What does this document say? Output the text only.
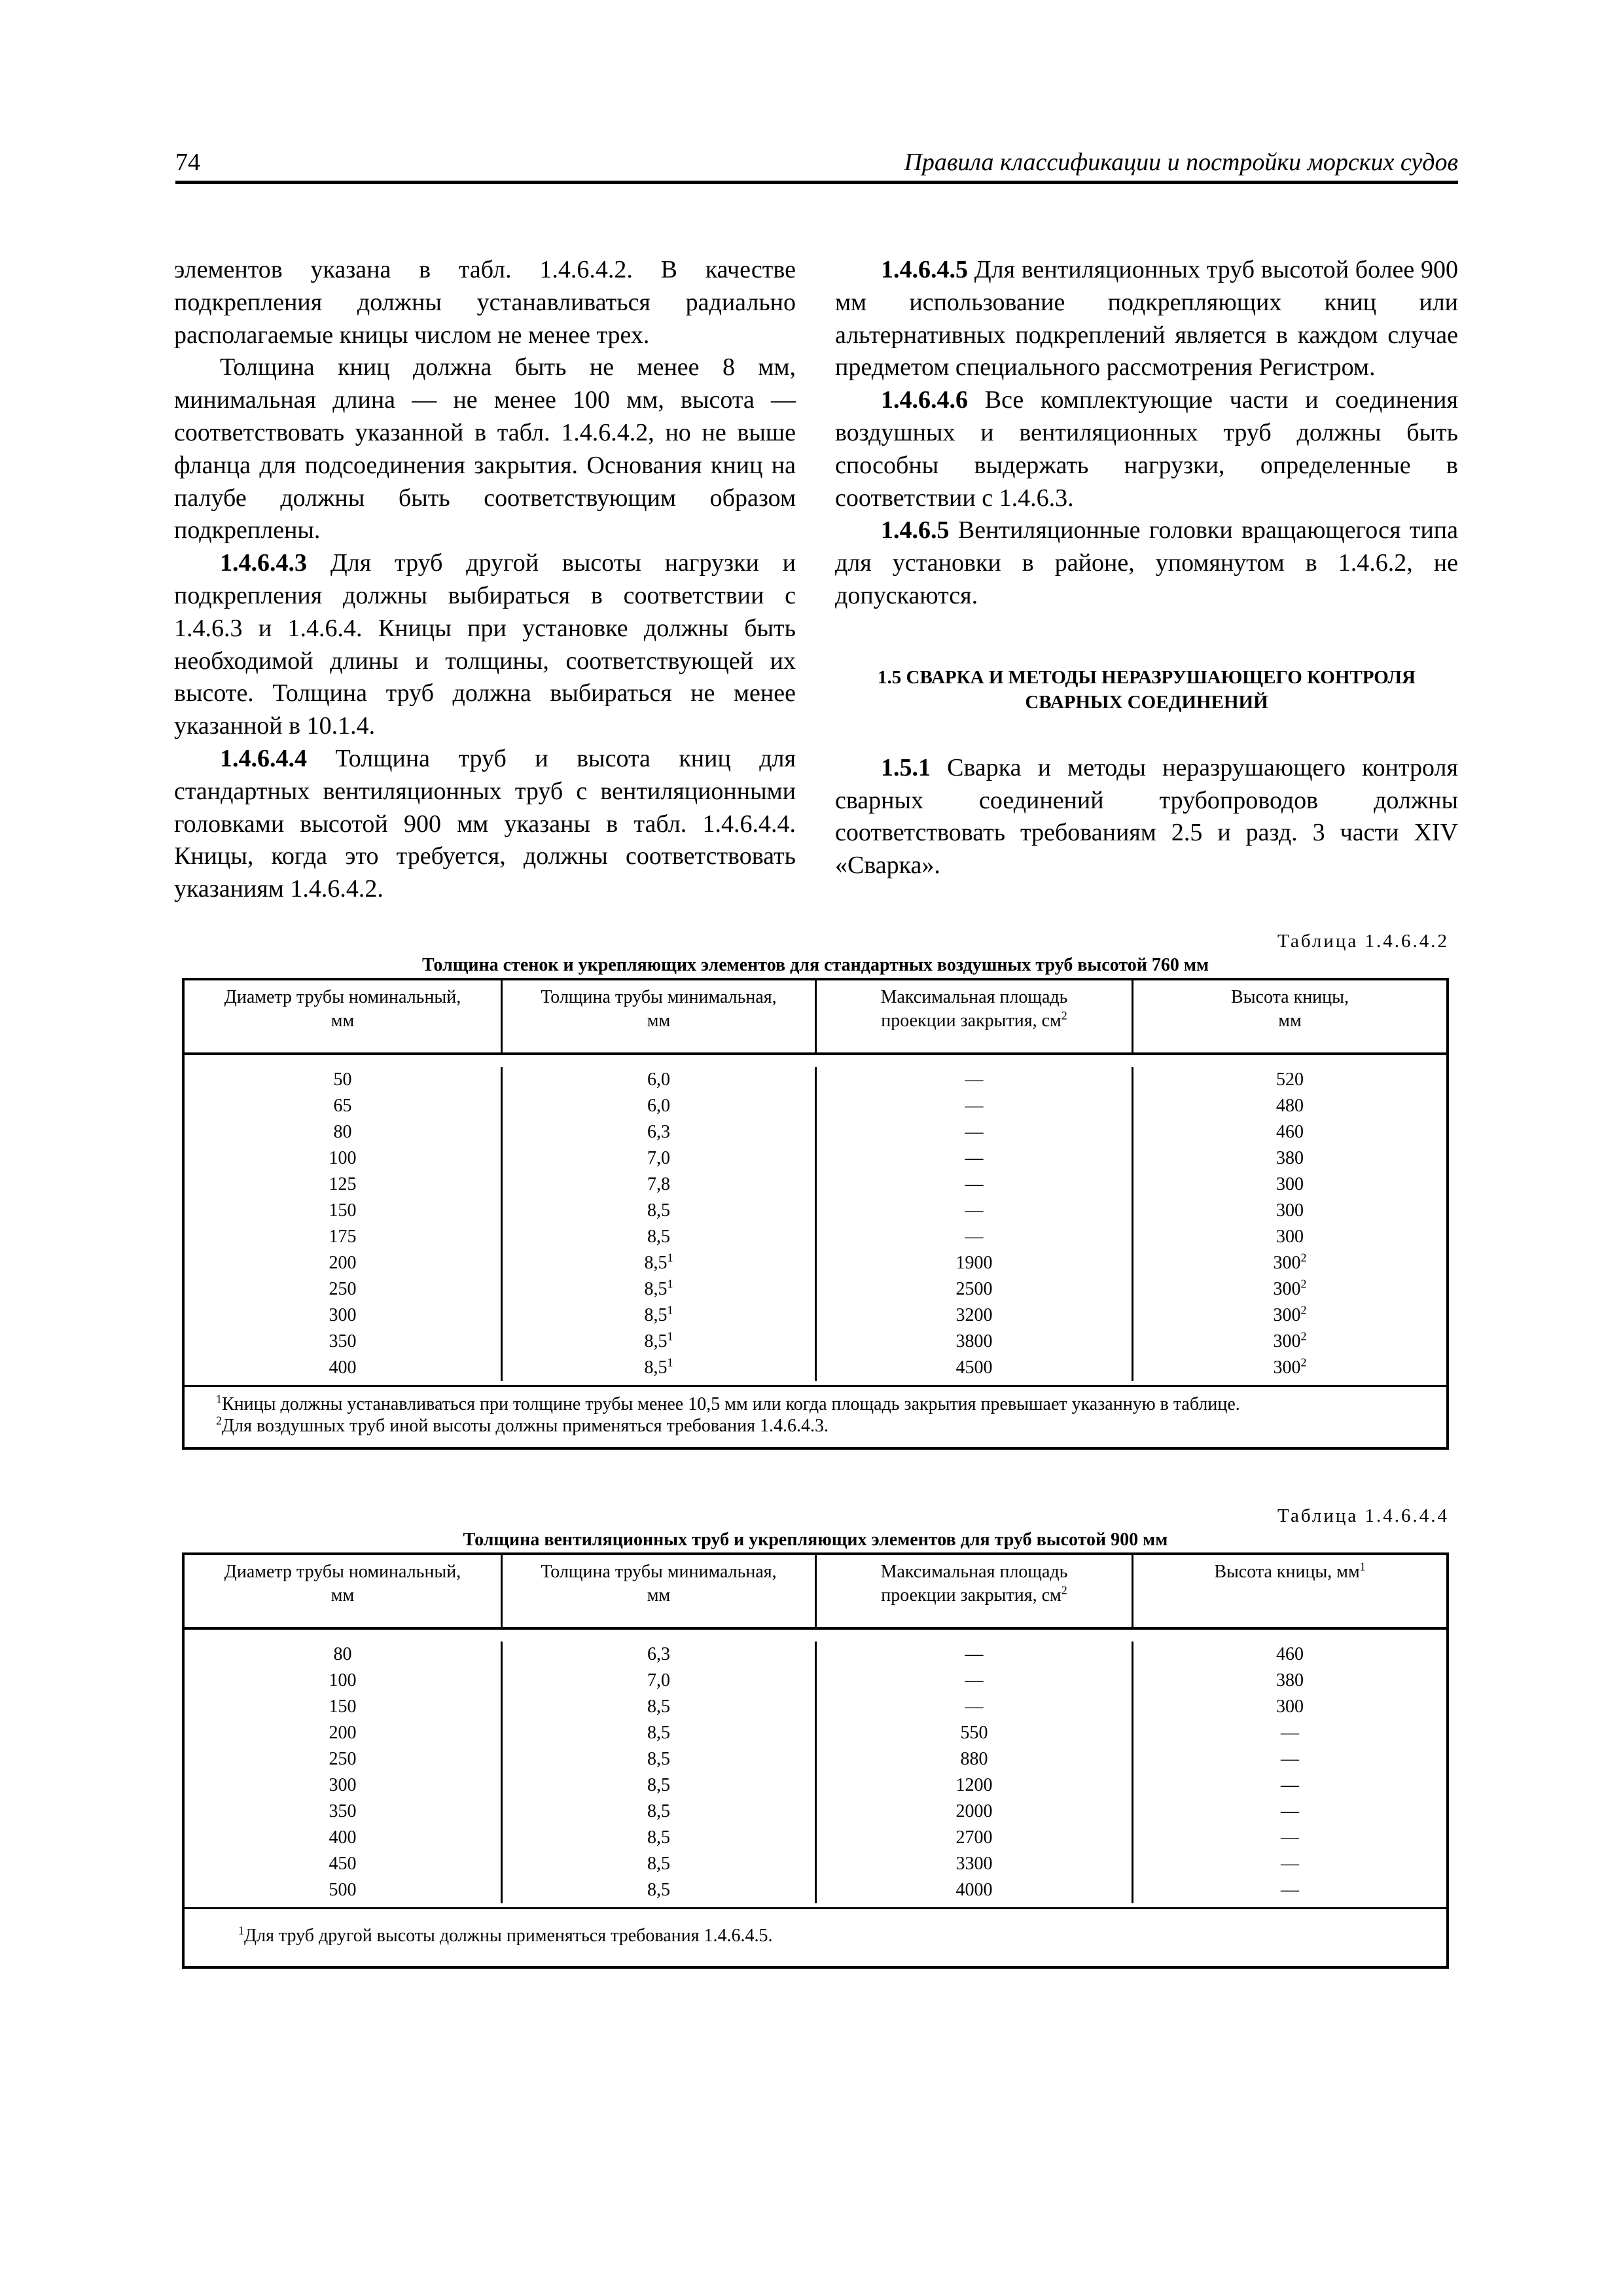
74	Правила классификации и постройки морских судов

элементов указана в табл. 1.4.6.4.2. В качестве подкрепления должны устанавливаться радиально располагаемые кницы числом не менее трех.

Толщина книц должна быть не менее 8 мм, минимальная длина — не менее 100 мм, высота — соответствовать указанной в табл. 1.4.6.4.2, но не выше фланца для подсоединения закрытия. Основания книц на палубе должны быть соответствующим образом подкреплены.

1.4.6.4.3 Для труб другой высоты нагрузки и подкрепления должны выбираться в соответствии с 1.4.6.3 и 1.4.6.4. Кницы при установке должны быть необходимой длины и толщины, соответствующей их высоте. Толщина труб должна выбираться не менее указанной в 10.1.4.

1.4.6.4.4 Толщина труб и высота книц для стандартных вентиляционных труб с вентиляционными головками высотой 900 мм указаны в табл. 1.4.6.4.4. Кницы, когда это требуется, должны соответствовать указаниям 1.4.6.4.2.

1.4.6.4.5 Для вентиляционных труб высотой более 900 мм использование подкрепляющих книц или альтернативных подкреплений является в каждом случае предметом специального рассмотрения Регистром.

1.4.6.4.6 Все комплектующие части и соединения воздушных и вентиляционных труб должны быть способны выдержать нагрузки, определенные в соответствии с 1.4.6.3.

1.4.6.5 Вентиляционные головки вращающегося типа для установки в районе, упомянутом в 1.4.6.2, не допускаются.

1.5 СВАРКА И МЕТОДЫ НЕРАЗРУШАЮЩЕГО КОНТРОЛЯ
СВАРНЫХ СОЕДИНЕНИЙ

1.5.1 Сварка и методы неразрушающего контроля сварных соединений трубопроводов должны соответствовать требованиям 2.5 и разд. 3 части XIV «Сварка».

Таблица 1.4.6.4.2
Толщина стенок и укрепляющих элементов для стандартных воздушных труб высотой 760 мм
Диаметр трубы номинальный,
мм
Толщина трубы минимальная,
мм
Максимальная площадь
проекции закрытия, $см^2$
Высота кницы,
мм
50
65
80
100
125
150
175
200
250
300
350
400
6,0
6,0
6,3
7,0
7,8
8,5
8,5
$8,5^1$
$8,5^1$
$8,5^1$
$8,5^1$
$8,5^1$
—
—
—
—
—
—
—
1900
2500
3200
3800
4500
520
480
460
380
300
300
300
$300^2$
$300^2$
$300^2$
$300^2$
$300^2$
$^1$Кницы должны устанавливаться при толщине трубы менее 10,5 мм или когда площадь закрытия превышает указанную в таблице.
$^2$Для воздушных труб иной высоты должны применяться требования 1.4.6.4.3.
Таблица 1.4.6.4.4
Толщина вентиляционных труб и укрепляющих элементов для труб высотой 900 мм
Диаметр трубы номинальный,
мм
Толщина трубы минимальная,
мм
Максимальная площадь
проекции закрытия, $см^2$
Высота кницы, $мм^1$
80
100
150
200
250
300
350
400
450
500
6,3
7,0
8,5
8,5
8,5
8,5
8,5
8,5
8,5
8,5
—
—
—
550
880
1200
2000
2700
3300
4000
460
380
300
—
—
—
—
—
—
—
$^1$Для труб другой высоты должны применяться требования 1.4.6.4.5.
